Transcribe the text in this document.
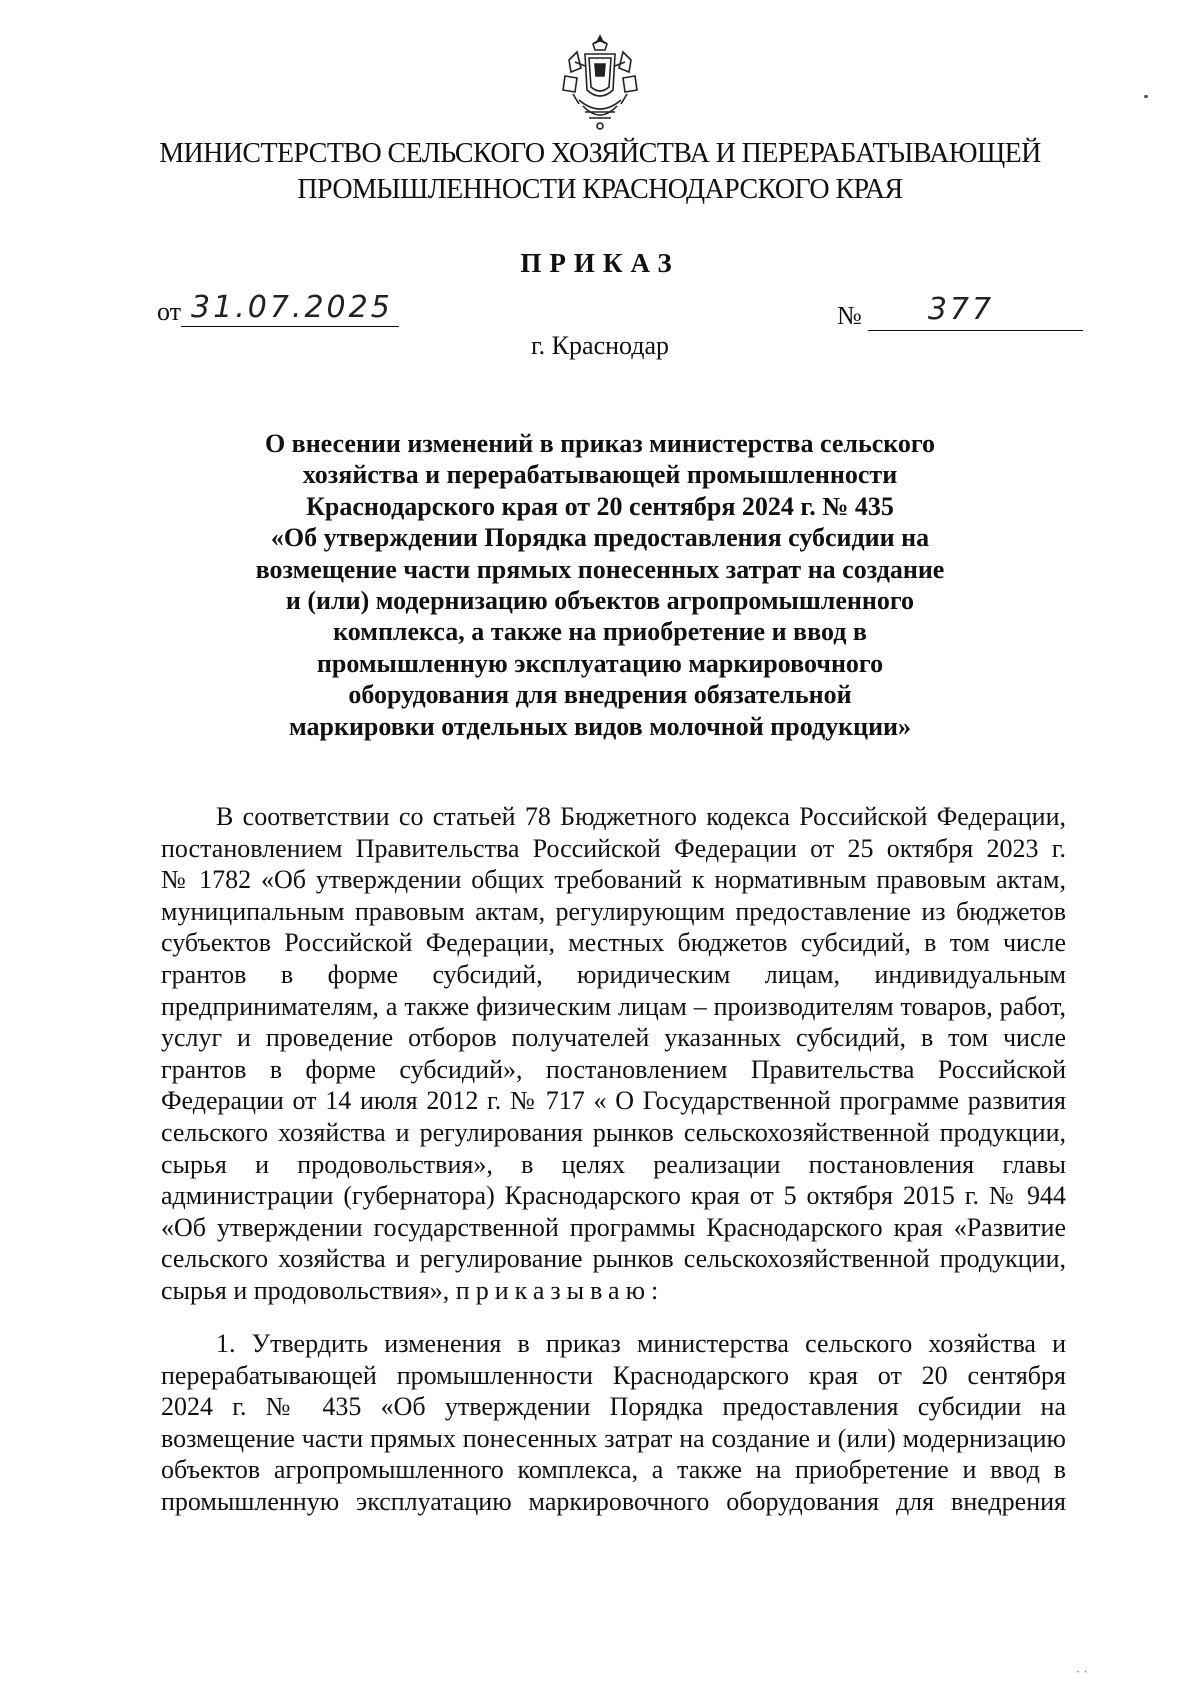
МИНИСТЕРСТВО СЕЛЬСКОГО ХОЗЯЙСТВА И ПЕРЕРАБАТЫВАЮЩЕЙ
ПРОМЫШЛЕННОСТИ КРАСНОДАРСКОГО КРАЯ
ПРИКАЗ
от 31.07.2025	№ 377
г. Краснодар
О внесении изменений в приказ министерства сельского
хозяйства и перерабатывающей промышленности
Краснодарского края от 20 сентября 2024 г. № 435
«Об утверждении Порядка предоставления субсидии на
возмещение части прямых понесенных затрат на создание
и (или) модернизацию объектов агропромышленного
комплекса, а также на приобретение и ввод в
промышленную эксплуатацию маркировочного
оборудования для внедрения обязательной
маркировки отдельных видов молочной продукции»
В соответствии со статьей 78 Бюджетного кодекса Российской Федерации,
постановлением Правительства Российской Федерации от 25 октября 2023 г.
№ 1782 «Об утверждении общих требований к нормативным правовым актам,
муниципальным правовым актам, регулирующим предоставление из бюджетов
субъектов Российской Федерации, местных бюджетов субсидий, в том числе
грантов в форме субсидий, юридическим лицам, индивидуальным
предпринимателям, а также физическим лицам – производителям товаров, работ,
услуг и проведение отборов получателей указанных субсидий, в том числе
грантов в форме субсидий», постановлением Правительства Российской
Федерации от 14 июля 2012 г. № 717 « О Государственной программе развития
сельского хозяйства и регулирования рынков сельскохозяйственной продукции,
сырья и продовольствия», в целях реализации постановления главы
администрации (губернатора) Краснодарского края от 5 октября 2015 г. № 944
«Об утверждении государственной программы Краснодарского края «Развитие
сельского хозяйства и регулирование рынков сельскохозяйственной продукции,
сырья и продовольствия», приказываю:
1. Утвердить изменения в приказ министерства сельского хозяйства и
перерабатывающей промышленности Краснодарского края от 20 сентября
2024 г. № 435 «Об утверждении Порядка предоставления субсидии на
возмещение части прямых понесенных затрат на создание и (или) модернизацию
объектов агропромышленного комплекса, а также на приобретение и ввод в
промышленную эксплуатацию маркировочного оборудования для внедрения
· ·
